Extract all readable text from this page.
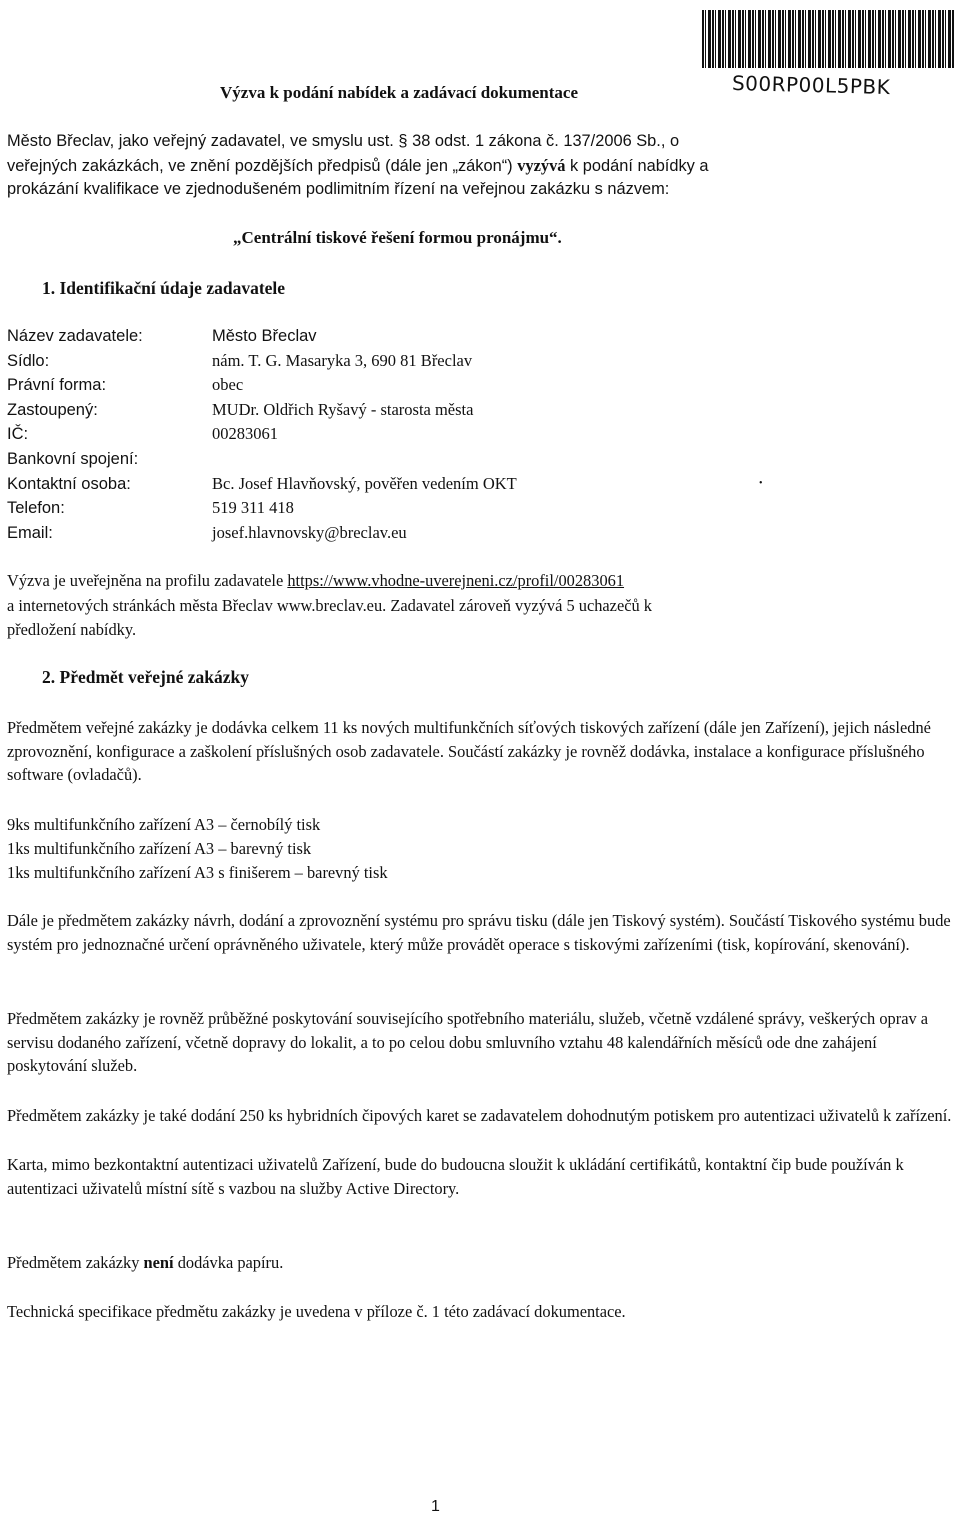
S00RP00L5PBK
Výzva k podání nabídek a zadávací dokumentace

Město Břeclav, jako veřejný zadavatel, ve smyslu ust. § 38 odst. 1 zákona č. 137/2006 Sb., o

veřejných zakázkách, ve znění pozdějších předpisů (dále jen „zákon“) vyzývá k podání nabídky a

prokázání kvalifikace ve zjednodušeném podlimitním řízení na veřejnou zakázku s názvem:

„Centrální tiskové řešení formou pronájmu“.
1. Identifikační údaje zadavatele
Název zadavatele:	Město Břeclav
Sídlo:	nám. T. G. Masaryka 3, 690 81 Břeclav
Právní forma:	obec
Zastoupený:	MUDr. Oldřich Ryšavý - starosta města
IČ:	00283061
Bankovní spojení:
Kontaktní osoba:	Bc. Josef Hlavňovský, pověřen vedením OKT
Telefon:	519 311 418
Email:	josef.hlavnovsky@breclav.eu
•

Výzva je uveřejněna na profilu zadavatele https://www.vhodne-uverejneni.cz/profil/00283061

a internetových stránkách města Břeclav www.breclav.eu. Zadavatel zároveň vyzývá 5 uchazečů k

předložení nabídky.

2. Předmět veřejné zakázky

Předmětem veřejné zakázky je dodávka celkem 11 ks nových multifunkčních síťových tiskových zařízení (dále jen Zařízení), jejich následné zprovoznění, konfigurace a zaškolení příslušných osob zadavatele. Součástí zakázky je rovněž dodávka, instalace a konfigurace příslušného software (ovladačů).

9ks multifunkčního zařízení A3 – černobílý tisk

1ks multifunkčního zařízení A3 – barevný tisk

1ks multifunkčního zařízení A3 s finišerem – barevný tisk

Dále je předmětem zakázky návrh, dodání a zprovoznění systému pro správu tisku (dále jen Tiskový systém). Součástí Tiskového systému bude systém pro jednoznačné určení oprávněného uživatele, který může provádět operace s tiskovými zařízeními (tisk, kopírování, skenování).

Předmětem zakázky je rovněž průběžné poskytování souvisejícího spotřebního materiálu, služeb, včetně vzdálené správy, veškerých oprav a servisu dodaného zařízení, včetně dopravy do lokalit, a to po celou dobu smluvního vztahu 48 kalendářních měsíců ode dne zahájení poskytování služeb.

Předmětem zakázky je také dodání 250 ks hybridních čipových karet se zadavatelem dohodnutým potiskem pro autentizaci uživatelů k zařízení.

Karta, mimo bezkontaktní autentizaci uživatelů Zařízení, bude do budoucna sloužit k ukládání certifikátů, kontaktní čip bude používán k autentizaci uživatelů místní sítě s vazbou na služby Active Directory.

Předmětem zakázky není dodávka papíru.

Technická specifikace předmětu zakázky je uvedena v příloze č. 1 této zadávací dokumentace.

1
